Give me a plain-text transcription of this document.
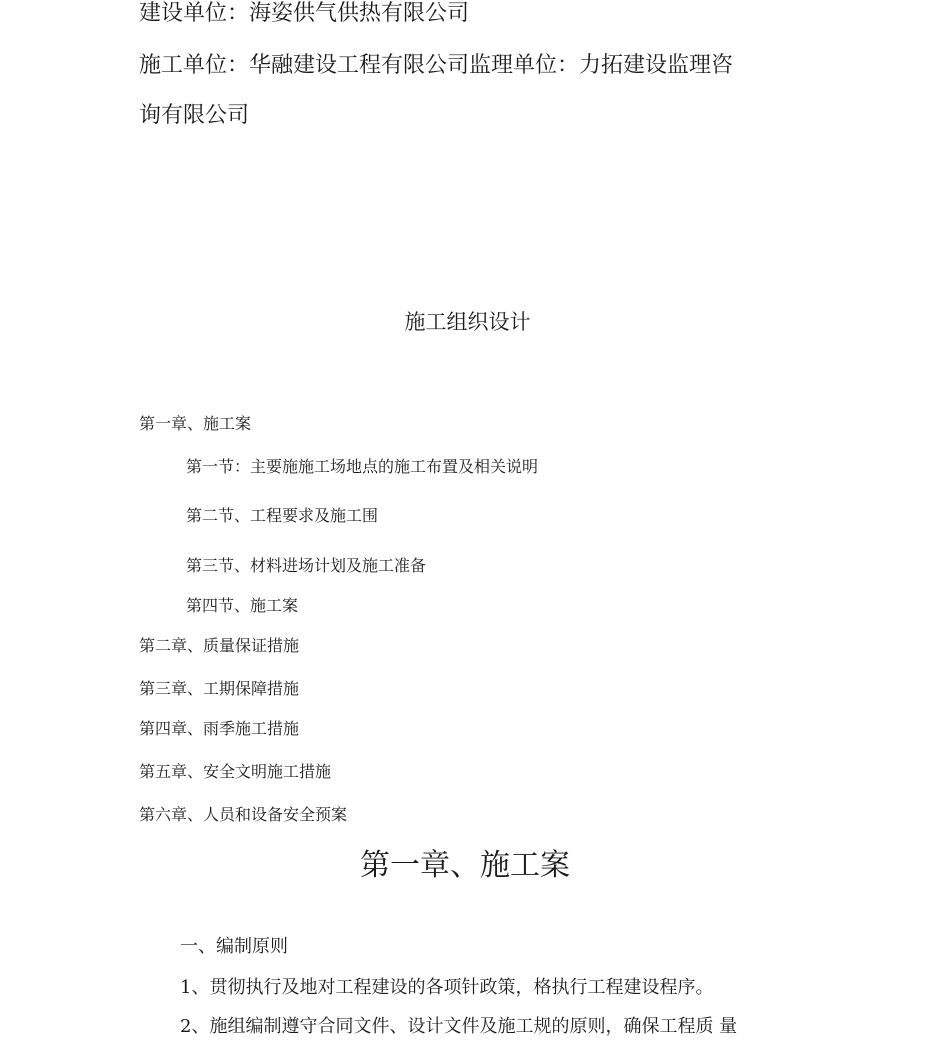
建设单位：海姿供气供热有限公司

施工单位：华融建设工程有限公司监理单位：力拓建设监理咨

询有限公司

施工组织设计

第一章、施工案

第一节：主要施施工场地点的施工布置及相关说明

第二节、工程要求及施工围

第三节、材料进场计划及施工准备

第四节、施工案

第二章、质量保证措施

第三章、工期保障措施

第四章、雨季施工措施

第五章、安全文明施工措施

第六章、人员和设备安全预案

第一章、施工案

一、编制原则

1、贯彻执行及地对工程建设的各项针政策，格执行工程建设程序。

2、施组编制遵守合同文件、设计文件及施工规的原则，确保工程质 量
